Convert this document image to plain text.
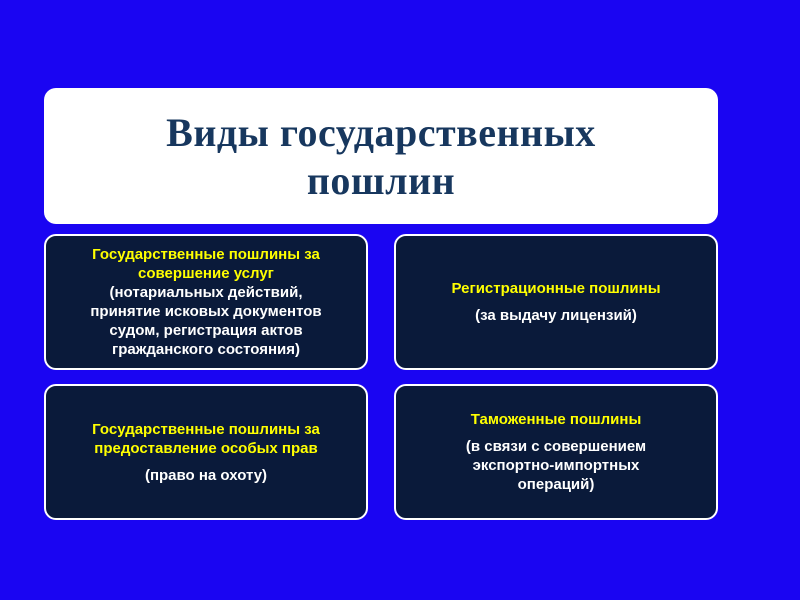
Виды государственных
пошлин
Государственные пошлины за
совершение услуг
(нотариальных действий,
принятие исковых документов
судом, регистрация актов
гражданского состояния)
Регистрационные пошлины
(за выдачу лицензий)
Государственные пошлины за
предоставление особых прав
(право на охоту)
Таможенные пошлины
(в связи с совершением
экспортно-импортных
операций)
